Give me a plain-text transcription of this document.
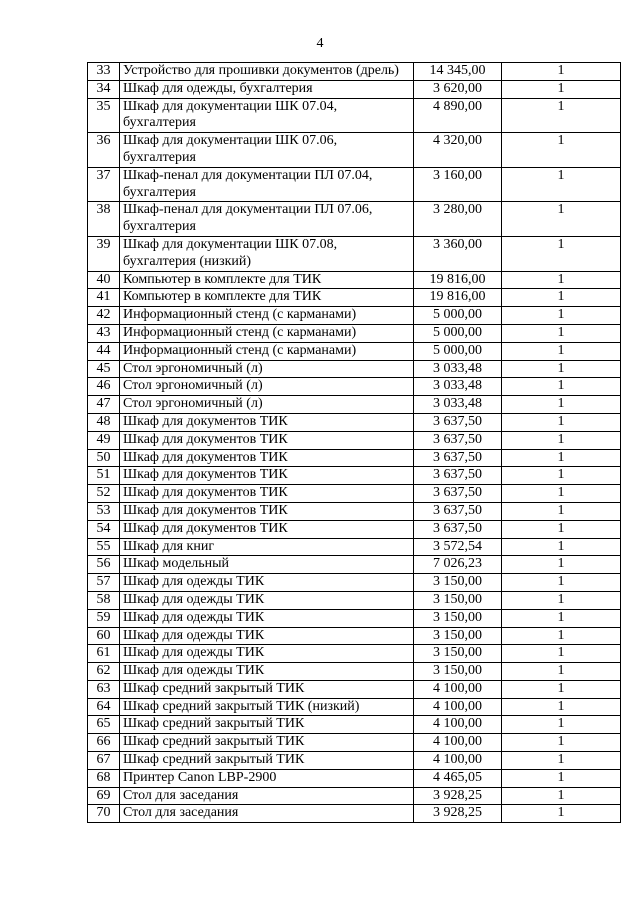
4
33	Устройство для прошивки документов (дрель)	14 345,00	1
34	Шкаф для одежды, бухгалтерия	3 620,00	1
35	Шкаф для документации ШК 07.04, бухгалтерия	4 890,00	1
36	Шкаф для документации ШК 07.06, бухгалтерия	4 320,00	1
37	Шкаф-пенал для документации ПЛ 07.04, бухгалтерия	3 160,00	1
38	Шкаф-пенал для документации ПЛ 07.06, бухгалтерия	3 280,00	1
39	Шкаф для документации ШК 07.08, бухгалтерия (низкий)	3 360,00	1
40	Компьютер в комплекте для ТИК	19 816,00	1
41	Компьютер в комплекте для ТИК	19 816,00	1
42	Информационный стенд (с карманами)	5 000,00	1
43	Информационный стенд (с карманами)	5 000,00	1
44	Информационный стенд (с карманами)	5 000,00	1
45	Стол эргономичный (л)	3 033,48	1
46	Стол эргономичный (л)	3 033,48	1
47	Стол эргономичный (л)	3 033,48	1
48	Шкаф для документов ТИК	3 637,50	1
49	Шкаф для документов ТИК	3 637,50	1
50	Шкаф для документов ТИК	3 637,50	1
51	Шкаф для документов ТИК	3 637,50	1
52	Шкаф для документов ТИК	3 637,50	1
53	Шкаф для документов ТИК	3 637,50	1
54	Шкаф для документов ТИК	3 637,50	1
55	Шкаф для книг	3 572,54	1
56	Шкаф модельный	7 026,23	1
57	Шкаф для одежды ТИК	3 150,00	1
58	Шкаф для одежды ТИК	3 150,00	1
59	Шкаф для одежды ТИК	3 150,00	1
60	Шкаф для одежды ТИК	3 150,00	1
61	Шкаф для одежды ТИК	3 150,00	1
62	Шкаф для одежды ТИК	3 150,00	1
63	Шкаф средний закрытый ТИК	4 100,00	1
64	Шкаф средний закрытый ТИК (низкий)	4 100,00	1
65	Шкаф средний закрытый ТИК	4 100,00	1
66	Шкаф средний закрытый ТИК	4 100,00	1
67	Шкаф средний закрытый ТИК	4 100,00	1
68	Принтер Canon LBP-2900	4 465,05	1
69	Стол для заседания	3 928,25	1
70	Стол для заседания	3 928,25	1
